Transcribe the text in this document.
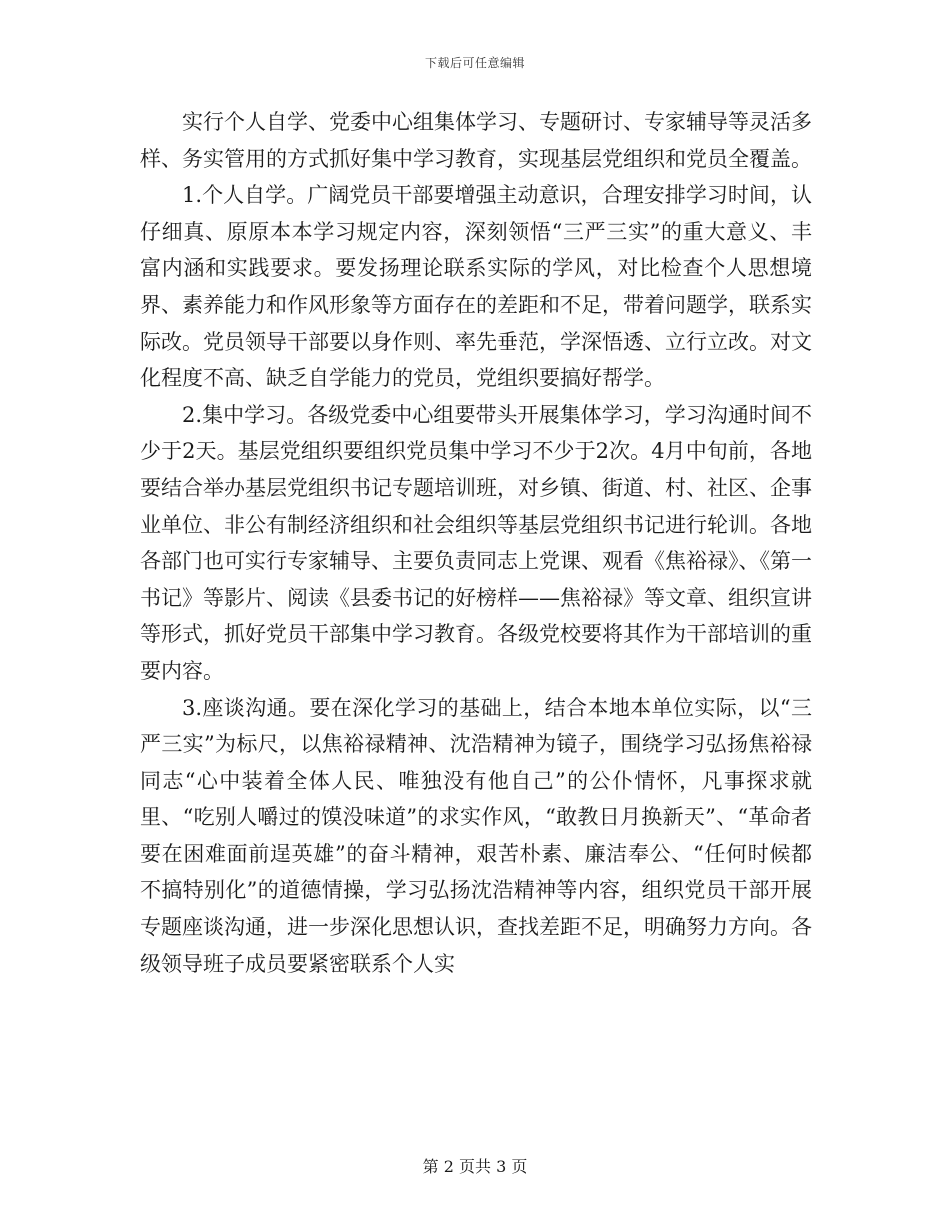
下载后可任意编辑

实行个人自学、党委中心组集体学习、专题研讨、专家辅导等灵活多样、务实管用的方式抓好集中学习教育，实现基层党组织和党员全覆盖。

1.个人自学。广阔党员干部要增强主动意识，合理安排学习时间，认仔细真、原原本本学习规定内容，深刻领悟“三严三实”的重大意义、丰富内涵和实践要求。要发扬理论联系实际的学风，对比检查个人思想境界、素养能力和作风形象等方面存在的差距和不足，带着问题学，联系实际改。党员领导干部要以身作则、率先垂范，学深悟透、立行立改。对文化程度不高、缺乏自学能力的党员，党组织要搞好帮学。

2.集中学习。各级党委中心组要带头开展集体学习，学习沟通时间不少于2天。基层党组织要组织党员集中学习不少于2次。4月中旬前，各地要结合举办基层党组织书记专题培训班，对乡镇、街道、村、社区、企事业单位、非公有制经济组织和社会组织等基层党组织书记进行轮训。各地各部门也可实行专家辅导、主要负责同志上党课、观看《焦裕禄》、《第一书记》等影片、阅读《县委书记的好榜样——焦裕禄》等文章、组织宣讲等形式，抓好党员干部集中学习教育。各级党校要将其作为干部培训的重要内容。

3.座谈沟通。要在深化学习的基础上，结合本地本单位实际，以“三严三实”为标尺，以焦裕禄精神、沈浩精神为镜子，围绕学习弘扬焦裕禄同志“心中装着全体人民、唯独没有他自己”的公仆情怀，凡事探求就里、“吃别人嚼过的馍没味道”的求实作风，“敢教日月换新天”、“革命者要在困难面前逞英雄”的奋斗精神，艰苦朴素、廉洁奉公、“任何时候都不搞特别化”的道德情操，学习弘扬沈浩精神等内容，组织党员干部开展专题座谈沟通，进一步深化思想认识，查找差距不足，明确努力方向。各级领导班子成员要紧密联系个人实

第 2 页共 3 页
